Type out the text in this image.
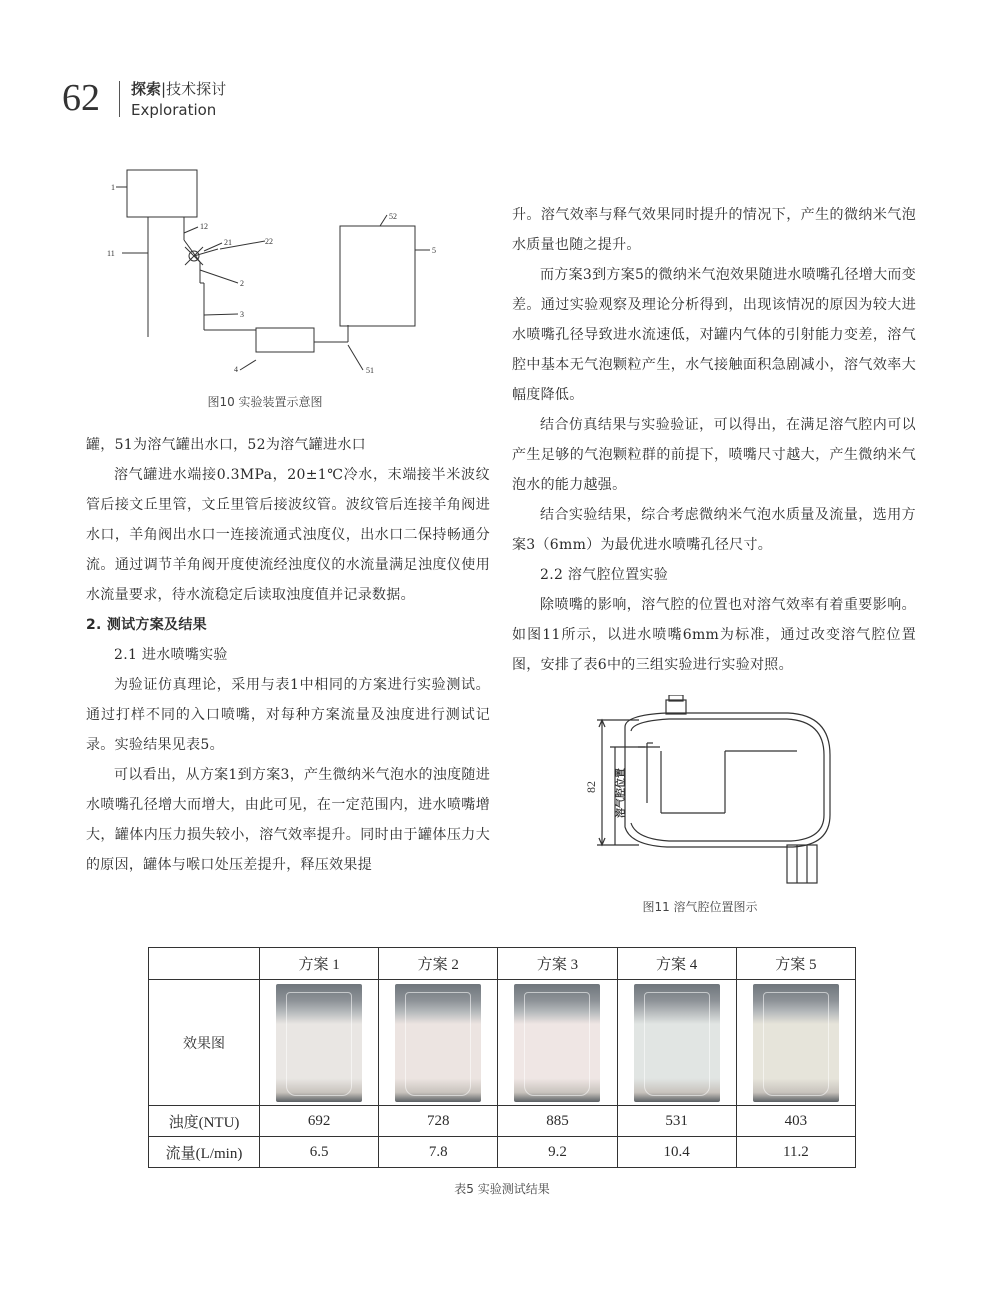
62 探索|技术探讨
Exploration
1
12
21	22
11
2
3
4
52
5
51
图10 实验装置示意图

罐，51为溶气罐出水口，52为溶气罐进水口

溶气罐进水端接0.3MPa，20±1℃冷水，末端接半米波纹管后接文丘里管，文丘里管后接波纹管。波纹管后连接羊角阀进水口，羊角阀出水口一连接流通式浊度仪，出水口二保持畅通分流。通过调节羊角阀开度使流经浊度仪的水流量满足浊度仪使用水流量要求，待水流稳定后读取浊度值并记录数据。

2. 测试方案及结果

2.1 进水喷嘴实验

为验证仿真理论，采用与表1中相同的方案进行实验测试。通过打样不同的入口喷嘴，对每种方案流量及浊度进行测试记录。实验结果见表5。

可以看出，从方案1到方案3，产生微纳米气泡水的浊度随进水喷嘴孔径增大而增大，由此可见，在一定范围内，进水喷嘴增大，罐体内压力损失较小，溶气效率提升。同时由于罐体压力大的原因，罐体与喉口处压差提升，释压效果提

升。溶气效率与释气效果同时提升的情况下，产生的微纳米气泡水质量也随之提升。

而方案3到方案5的微纳米气泡效果随进水喷嘴孔径增大而变差。通过实验观察及理论分析得到，出现该情况的原因为较大进水喷嘴孔径导致进水流速低，对罐内气体的引射能力变差，溶气腔中基本无气泡颗粒产生，水气接触面积急剧减小，溶气效率大幅度降低。

结合仿真结果与实验验证，可以得出，在满足溶气腔内可以产生足够的气泡颗粒群的前提下，喷嘴尺寸越大，产生微纳米气泡水的能力越强。

结合实验结果，综合考虑微纳米气泡水质量及流量，选用方案3（6mm）为最优进水喷嘴孔径尺寸。

2.2 溶气腔位置实验

除喷嘴的影响，溶气腔的位置也对溶气效率有着重要影响。如图11所示，以进水喷嘴6mm为标准，通过改变溶气腔位置图，安排了表6中的三组实验进行实验对照。

82 溶气腔位置
图11 溶气腔位置图示
	方案 1	方案 2	方案 3	方案 4	方案 5
效果图	

浊度(NTU)	692	728	885	531	403
流量(L/min)	6.5	7.8	9.2	10.4	11.2
表5 实验测试结果
